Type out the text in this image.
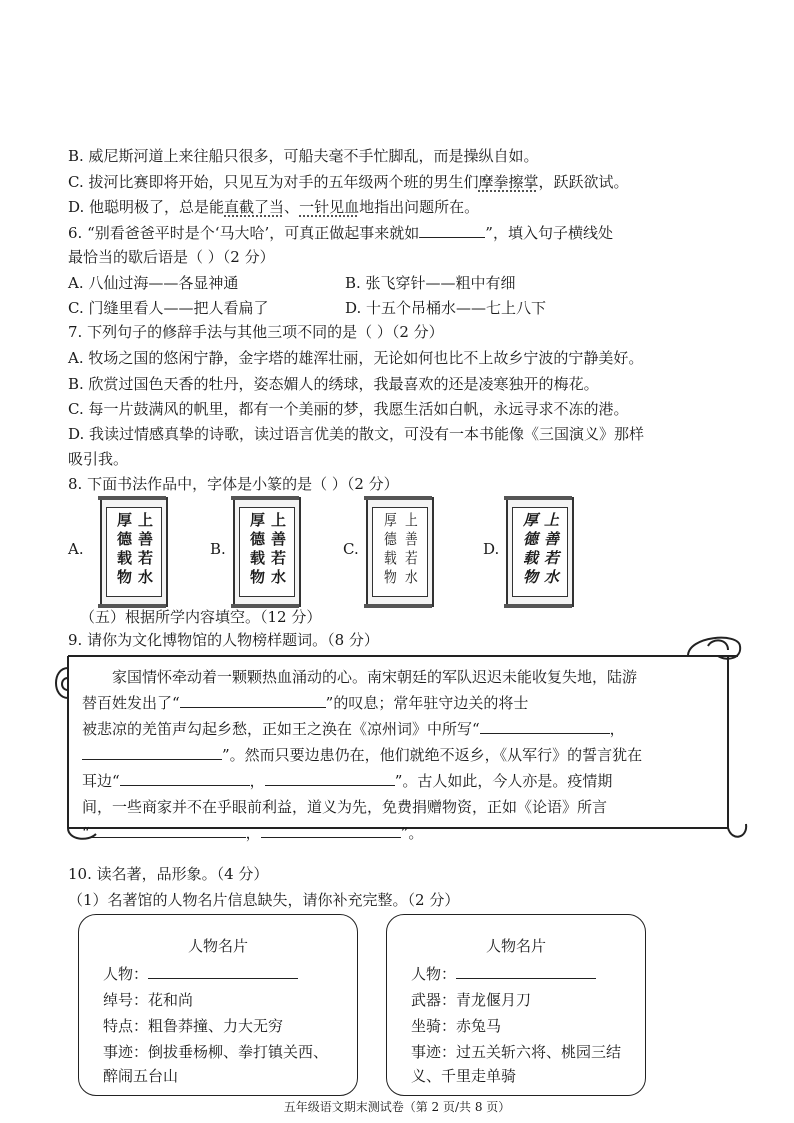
B. 威尼斯河道上来往船只很多，可船夫毫不手忙脚乱，而是操纵自如。
C. 拔河比赛即将开始，只见互为对手的五年级两个班的男生们摩拳擦掌，跃跃欲试。
D. 他聪明极了，总是能直截了当、一针见血地指出问题所在。
6. “别看爸爸平时是个‘马大哈’，可真正做起事来就如	”，填入句子横线处
最恰当的歇后语是（ ）（2 分）
A. 八仙过海——各显神通	B. 张飞穿针——粗中有细
C. 门缝里看人——把人看扁了	D. 十五个吊桶水——七上八下
7. 下列句子的修辞手法与其他三项不同的是（ ）（2 分）
A. 牧场之国的悠闲宁静，金字塔的雄浑壮丽，无论如何也比不上故乡宁波的宁静美好。
B. 欣赏过国色天香的牡丹，姿态媚人的绣球，我最喜欢的还是凌寒独开的梅花。
C. 每一片鼓满风的帆里，都有一个美丽的梦，我愿生活如白帆，永远寻求不冻的港。
D. 我读过情感真挚的诗歌，读过语言优美的散文，可没有一本书能像《三国演义》那样
吸引我。
8. 下面书法作品中，字体是小篆的是（ ）（2 分）
A.	上善若水
厚德载物	B.	上善若水
厚德载物	C.	上善若水
厚德载物	D.	上善若水
厚德载物
（五）根据所学内容填空。（12 分）
9. 请你为文化博物馆的人物榜样题词。（8 分）

家国情怀牵动着一颗颗热血涌动的心。南宋朝廷的军队迟迟未能收复失地，陆游

替百姓发出了“	”的叹息；常年驻守边关的将士

被悲凉的羌笛声勾起乡愁，正如王之涣在《凉州词》中所写“	，

”。然而只要边患仍在，他们就绝不返乡，《从军行》的誓言犹在

耳边“	，	”。古人如此，今人亦是。疫情期

间，一些商家并不在乎眼前利益，道义为先，免费捐赠物资，正如《论语》所言

“	，	”。

10. 读名著，品形象。（4 分）
（1）名著馆的人物名片信息缺失，请你补充完整。（2 分）
人物名片
人物：
绰号：花和尚
特点：粗鲁莽撞、力大无穷
事迹：倒拔垂杨柳、拳打镇关西、
醉闹五台山
人物名片
人物：
武器：青龙偃月刀
坐骑：赤兔马
事迹：过五关斩六将、桃园三结
义、千里走单骑
五年级语文期末测试卷（第 2 页/共 8 页）
